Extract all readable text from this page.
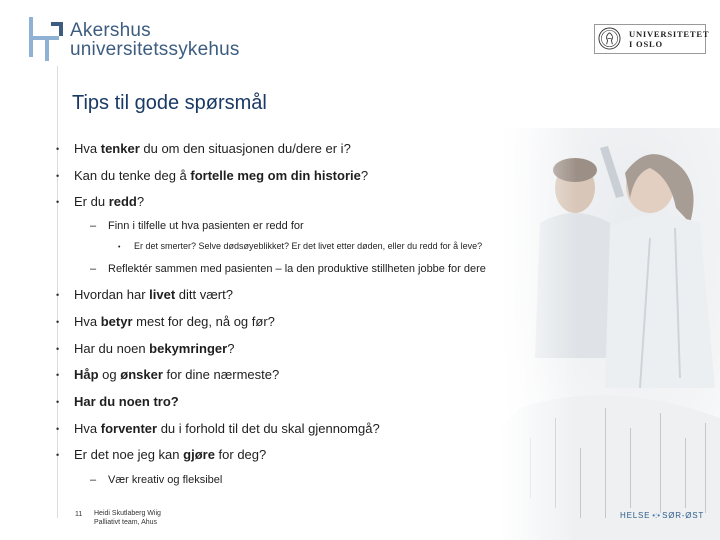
Akershus
universitetssykehus
UNIVERSITETET
I OSLO
Tips til gode spørsmål
• Hva tenker du om den situasjonen du/dere er i?
• Kan du tenke deg å fortelle meg om din historie?
• Er du redd?
– Finn i tilfelle ut hva pasienten er redd for
• Er det smerter? Selve dødsøyeblikket? Er det livet etter døden, eller du redd for å leve?
– Reflektér sammen med pasienten – la den produktive stillheten jobbe for dere
• Hvordan har livet ditt vært?
• Hva betyr mest for deg, nå og før?
• Har du noen bekymringer?
• Håp og ønsker for dine nærmeste?
• Har du noen tro?
• Hva forventer du i forhold til det du skal gjennomgå?
• Er det noe jeg kan gjøre for deg?
– Vær kreativ og fleksibel
11 Heidi Skutlaberg Wiig
Palliativt team, Ahus
HELSE •:• SØR-ØST
